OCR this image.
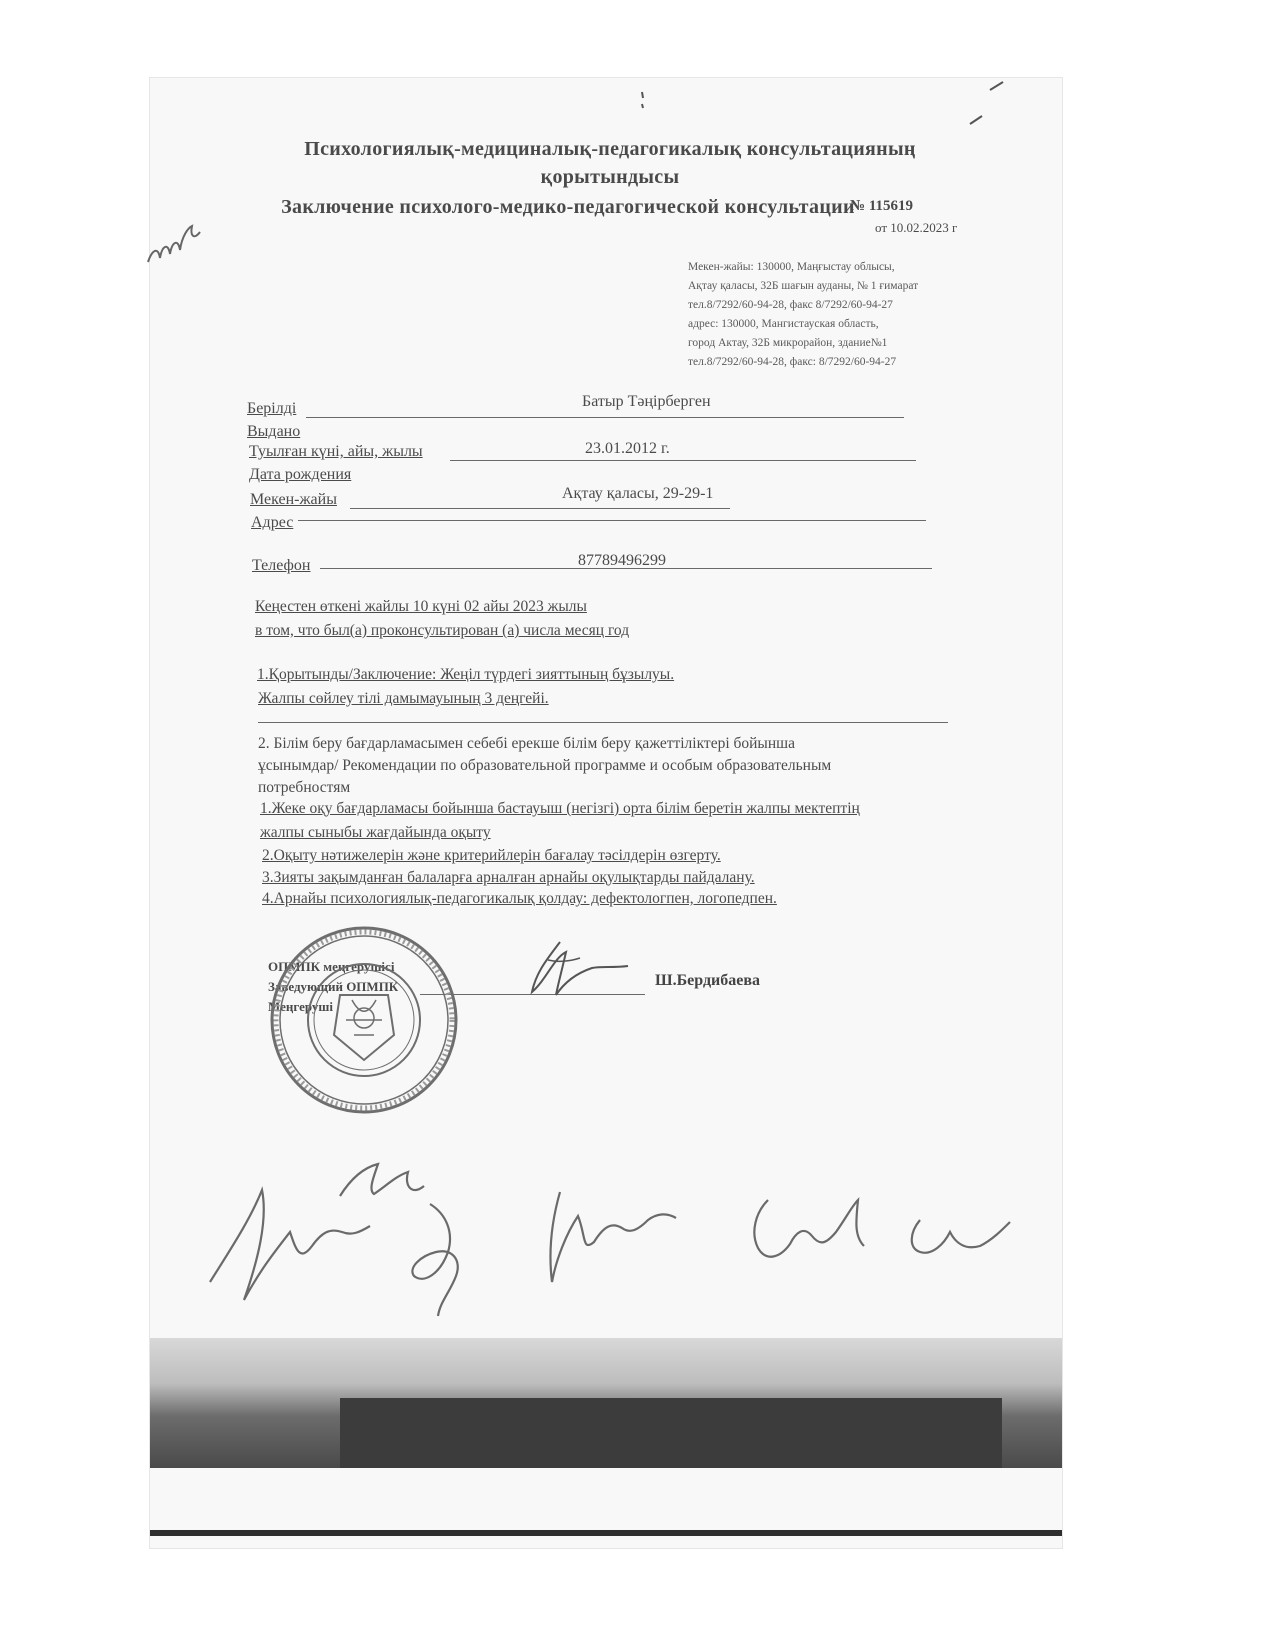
Психологиялық-медициналық-педагогикалық консультацияның
қорытындысы
Заключение психолого-медико-педагогической консультации
№ 115619
от 10.02.2023 г
Мекен-жайы: 130000, Маңғыстау облысы,
Ақтау қаласы, 32Б шағын ауданы, № 1 ғимарат
тел.8/7292/60-94-28, факс 8/7292/60-94-27
адрес: 130000, Мангистауская область,
город Актау, 32Б микрорайон, здание№1
тел.8/7292/60-94-28, факс: 8/7292/60-94-27
Берілді	Батыр Тәңірберген
Выдано
Туылған күні, айы, жылы	23.01.2012 г.
Дата рождения
Мекен-жайы	Ақтау қаласы, 29-29-1
Адрес
Телефон	87789496299
Кеңестен өткені жайлы 10 күні 02 айы 2023 жылы
в том, что был(а) проконсультирован (а) числа месяц год
1.Қорытынды/Заключение: Жеңіл түрдегі зияттының бұзылуы.
Жалпы сөйлеу тілі дамымауының 3 деңгейі.
2. Білім беру бағдарламасымен себебі ерекше білім беру қажеттіліктері бойынша
ұсынымдар/ Рекомендации по образовательной программе и особым образовательным
потребностям
1.Жеке оқу бағдарламасы бойынша бастауыш (негізгі) орта білім беретін жалпы мектептің
жалпы сыныбы жағдайында оқыту
2.Оқыту нәтижелерін және критерийлерін бағалау тәсілдерін өзгерту.
3.Зияты зақымданған балаларға арналған арнайы оқулықтарды пайдалану.
4.Арнайы психологиялық-педагогикалық қолдау: дефектологпен, логопедпен.
ОПМПК меңгерушісі
Заведующий ОПМПК
Меңгеруші
Ш.Бердибаева
